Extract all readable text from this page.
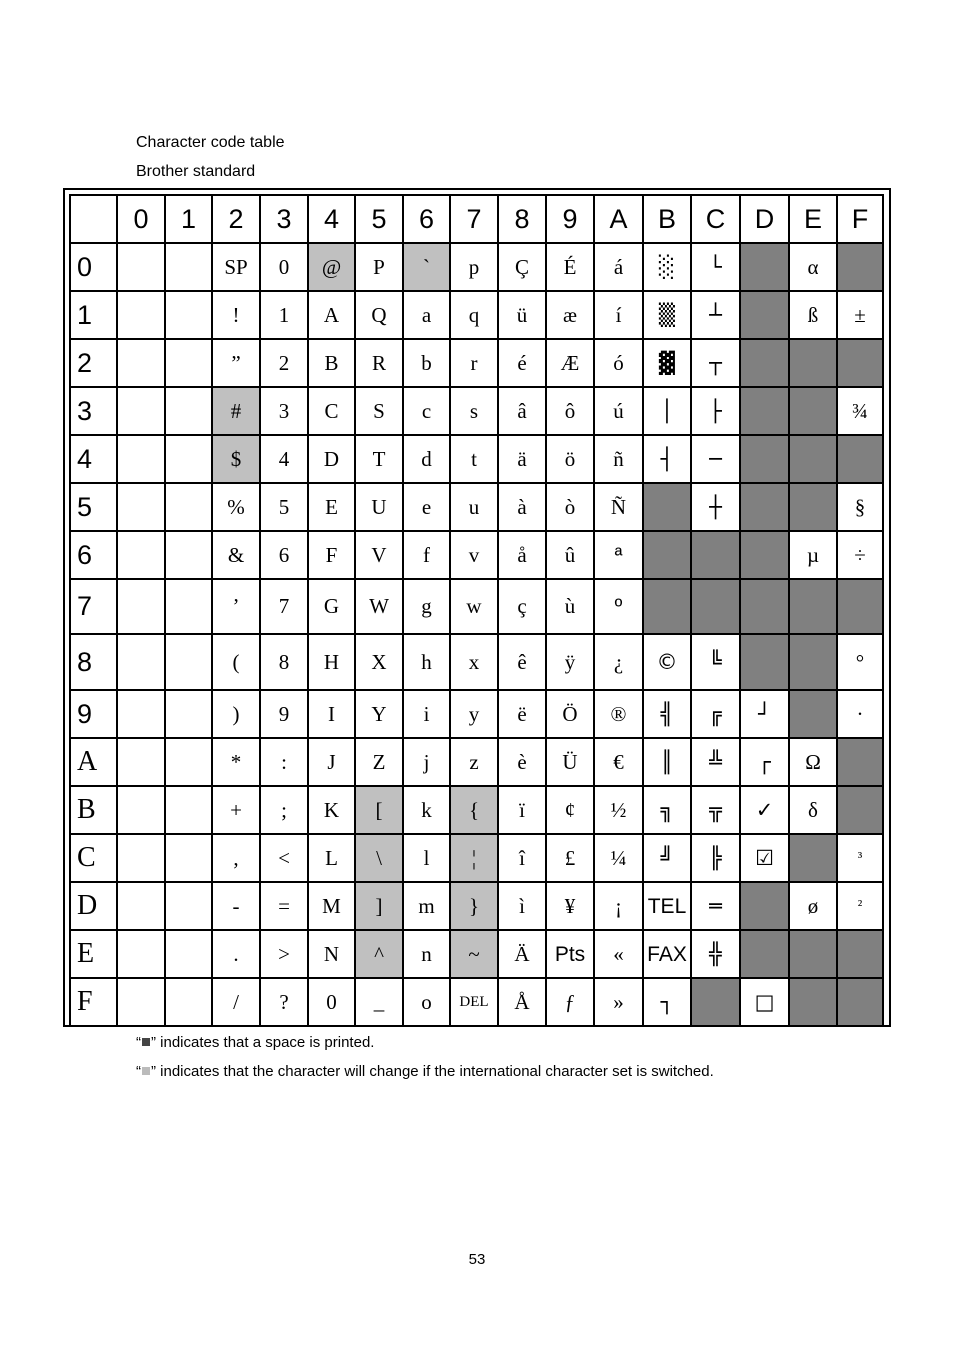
Character code table
Brother standard
	0	1	2	3	4	5	6	7	8	9	A	B	C	D	E	F
0			SP	0	@	P	`	p	Ç	É	á	░	└		α	
1			!	1	A	Q	a	q	ü	æ	í	▒	┴		ß	±
2			”	2	B	R	b	r	é	Æ	ó	▓	┬			
3			#	3	C	S	c	s	â	ô	ú	│	├			¾
4			$	4	D	T	d	t	ä	ö	ñ	┤	─			
5			%	5	E	U	e	u	à	ò	Ñ		┼			§
6			&	6	F	V	f	v	å	û	ª				µ	÷
7			’	7	G	W	g	w	ç	ù	º					
8			(	8	H	X	h	x	ê	ÿ	¿	©	╚			°
9			)	9	I	Y	i	y	ë	Ö	®	╣	╔	┘		·
A			*	:	J	Z	j	z	è	Ü	€	║	╩	┌	Ω	
B			+	;	K	[	k	{	ï	¢	½	╗	╦	✓	δ	
C			,	<	L	\	l	¦	î	£	¼	╝	╠	☑		³
D			-	=	M	]	m	}	ì	¥	¡	TEL	═		ø	²
E			.	>	N	^	n	~	Ä	Pts	«	FAX	╬			
F			/	?	0	_	o	DEL	Å	ƒ	»	┐		□		
“ ” indicates that a space is printed.
“ ” indicates that the character will change if the international character set is switched.
53
